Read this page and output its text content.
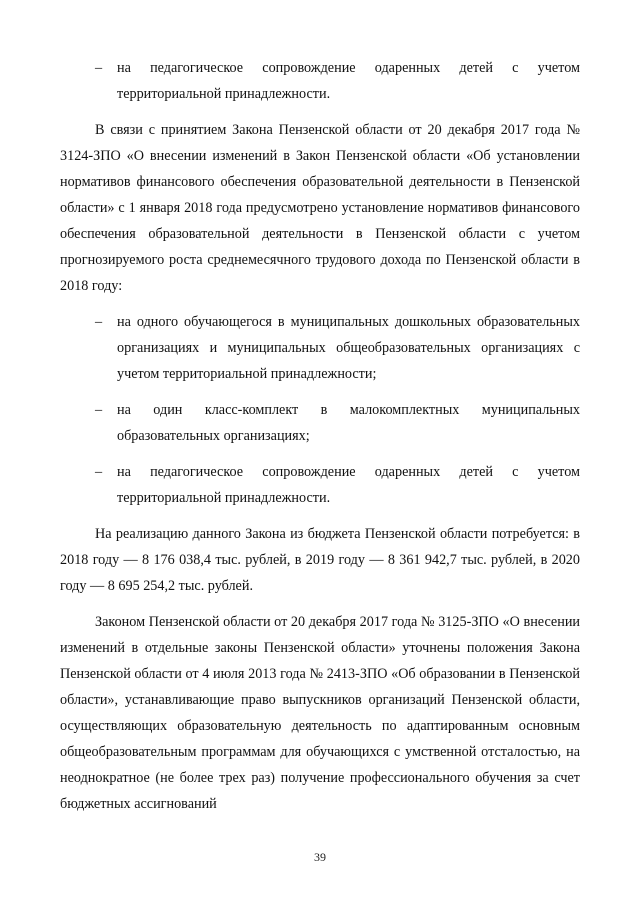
–	на педагогическое сопровождение одаренных детей с учетом территориальной принадлежности.

В связи с принятием Закона Пензенской области от 20 декабря 2017 года № 3124-ЗПО «О внесении изменений в Закон Пензенской области «Об установлении нормативов финансового обеспечения образовательной деятельности в Пензенской области» с 1 января 2018 года предусмотрено установление нормативов финансового обеспечения образовательной деятельности в Пензенской области с учетом прогнозируемого роста среднемесячного трудового дохода по Пензенской области в 2018 году:

–	на одного обучающегося в муниципальных дошкольных образовательных организациях и муниципальных общеобразовательных организациях с учетом территориальной принадлежности;
–	на один класс-комплект в малокомплектных муниципальных образовательных организациях;
–	на педагогическое сопровождение одаренных детей с учетом территориальной принадлежности.

На реализацию данного Закона из бюджета Пензенской области потребуется: в 2018 году — 8 176 038,4 тыс. рублей, в 2019 году — 8 361 942,7 тыс. рублей, в 2020 году — 8 695 254,2 тыс. рублей.

Законом Пензенской области от 20 декабря 2017 года № 3125-ЗПО «О внесении изменений в отдельные законы Пензенской области» уточнены положения Закона Пензенской области от 4 июля 2013 года № 2413-ЗПО «Об образовании в Пензенской области», устанавливающие право выпускников организаций Пензенской области, осуществляющих образовательную деятельность по адаптированным основным общеобразовательным программам для обучающихся с умственной отсталостью, на неоднократное (не более трех раз) получение профессионального обучения за счет бюджетных ассигнований

39
